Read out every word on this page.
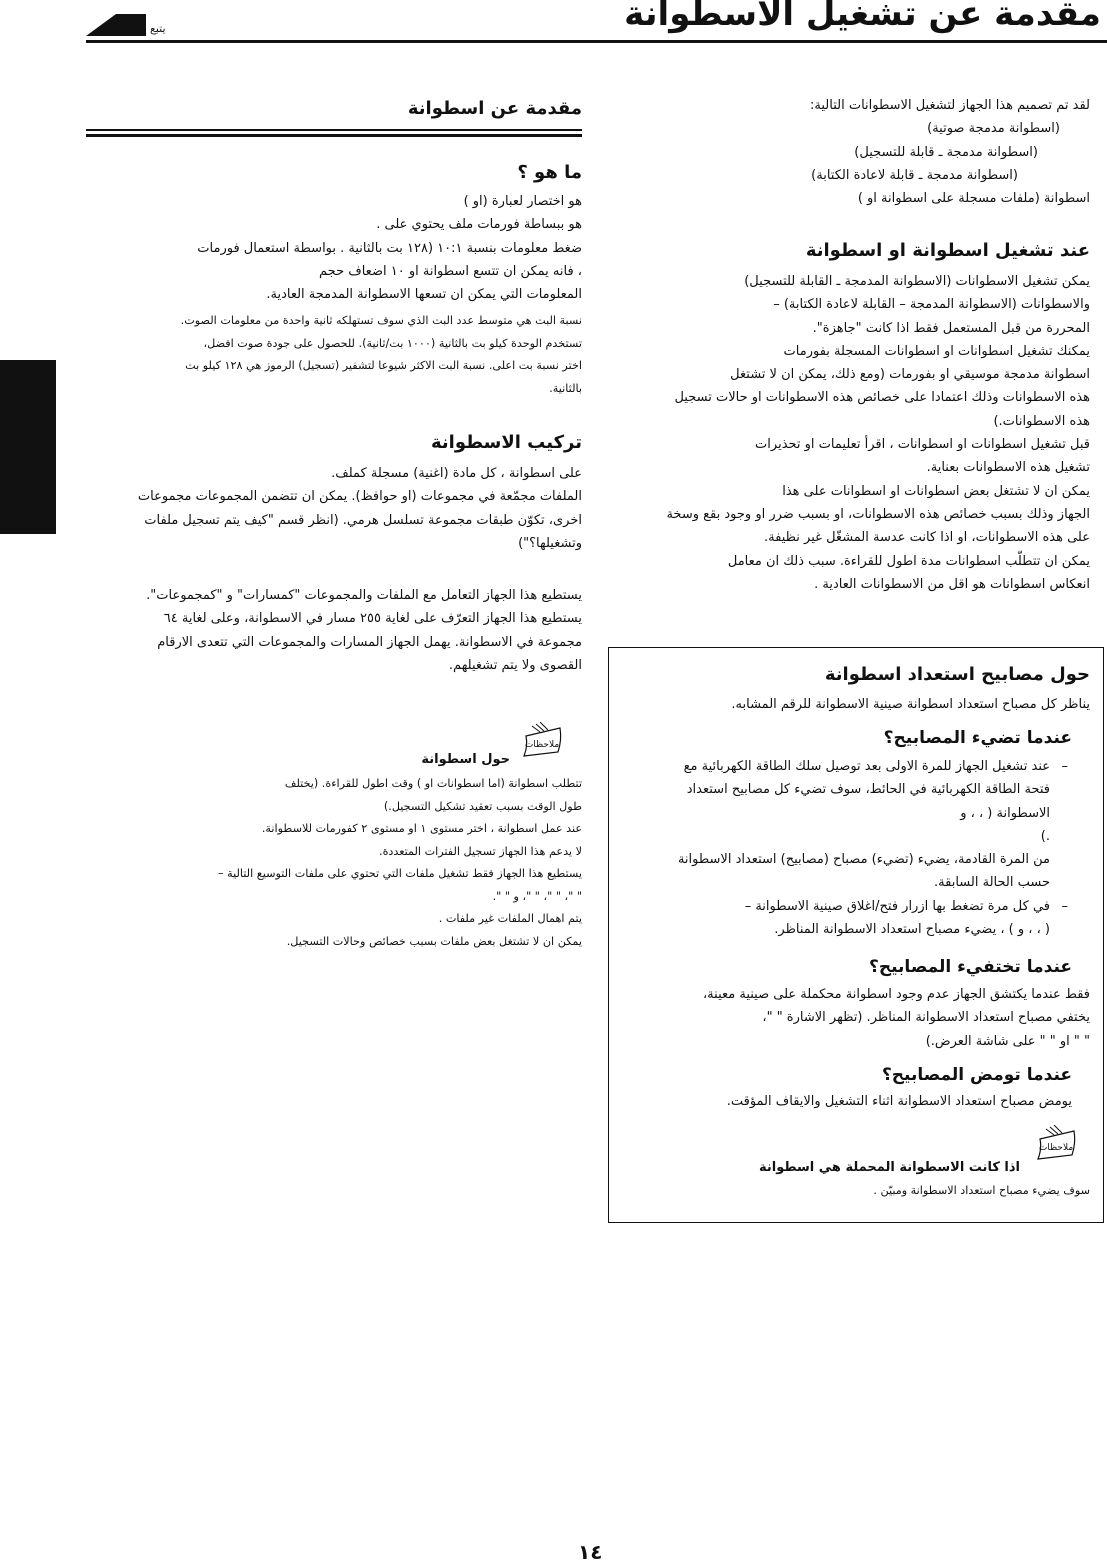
مقدمة عن تشغيل الاسطوانة
يتبع
لقد تم تصميم هذا الجهاز لتشغيل الاسطوانات التالية:
(اسطوانة مدمجة صوتية)
(اسطوانة مدمجة ـ قابلة للتسجيل)
(اسطوانة مدمجة ـ قابلة لاعادة الكتابة)
اسطوانة (ملفات مسجلة على اسطوانة او )
عند تشغيل اسطوانة او اسطوانة
يمكن تشغيل الاسطوانات (الاسطوانة المدمجة ـ القابلة للتسجيل)
والاسطوانات (الاسطوانة المدمجة – القابلة لاعادة الكتابة) –
المحررة من قبل المستعمل فقط اذا كانت "جاهزة".
يمكنك تشغيل اسطوانات او اسطوانات المسجلة بفورمات
اسطوانة مدمجة موسيقي او بفورمات (ومع ذلك، يمكن ان لا تشتغل
هذه الاسطوانات وذلك اعتمادا على خصائص هذه الاسطوانات او حالات تسجيل
هذه الاسطوانات.)
قبل تشغيل اسطوانات او اسطوانات ، اقرأ تعليمات او تحذيرات
تشغيل هذه الاسطوانات بعناية.
يمكن ان لا تشتغل بعض اسطوانات او اسطوانات على هذا
الجهاز وذلك بسبب خصائص هذه الاسطوانات، او بسبب ضرر او وجود بقع وسخة
على هذه الاسطوانات، او اذا كانت عدسة المشغّل غير نظيفة.
يمكن ان تتطلّب اسطوانات مدة اطول للقراءة. سبب ذلك ان معامل
انعكاس اسطوانات هو اقل من الاسطوانات العادية .
حول مصابيح استعداد اسطوانة
يناظر كل مصباح استعداد اسطوانة صينية الاسطوانة للرقم المشابه.
عندما تضيء المصابيح؟
–
عند تشغيل الجهاز للمرة الاولى بعد توصيل سلك الطاقة الكهربائية مع
فتحة الطاقة الكهربائية في الحائط، سوف تضيء كل مصابيح استعداد
الاسطوانة ( ، ، و
.)
من المرة القادمة، يضيء (تضيء) مصباح (مصابيح) استعداد الاسطوانة
حسب الحالة السابقة.
–
في كل مرة تضغط بها ازرار فتح/اغلاق صينية الاسطوانة –
( ، ، و ) ، يضيء مصباح استعداد الاسطوانة المناظر.
عندما تختفيء المصابيح؟
فقط عندما يكتشق الجهاز عدم وجود اسطوانة محكملة على صينية معينة،
يختفي مصباح استعداد الاسطوانة المناظر. (تظهر الاشارة " "،
" " او " " على شاشة العرض.)
عندما تومض المصابيح؟
يومض مصباح استعداد الاسطوانة اثناء التشغيل والايقاف المؤقت.
ملاحظات
اذا كانت الاسطوانة المحملة هي اسطوانة
سوف يضيء مصباح استعداد الاسطوانة ومبيّن .
مقدمة عن اسطوانة
ما هو ؟
هو اختصار لعبارة (او )
هو ببساطة فورمات ملف يحتوي على .
ضغط معلومات بنسبة ١٠:١ (١٢٨ بت بالثانية . بواسطة استعمال فورمات
، فانه يمكن ان تتسع اسطوانة او ١٠ اضعاف حجم
المعلومات التي يمكن ان تسعها الاسطوانة المدمجة العادية.
نسبة البت هي متوسط عدد البت الذي سوف تستهلكه ثانية واحدة من معلومات الصوت.
تستخدم الوحدة كيلو بت بالثانية (١٠٠٠ بت/ثانية). للحصول على جودة صوت افضل،
اختر نسبة بت اعلى. نسبة البت الاكثر شيوعا لتشفير (تسجيل) الرموز هي ١٢٨ كيلو بت
بالثانية.
تركيب الاسطوانة
على اسطوانة ، كل مادة (اغنية) مسجلة كملف.
الملفات مجمّعة في مجموعات (او حوافظ). يمكن ان تتضمن المجموعات مجموعات
اخرى، تكوّن طبقات مجموعة تسلسل هرمي. (انظر قسم "كيف يتم تسجيل ملفات
وتشغيلها؟")
يستطيع هذا الجهاز التعامل مع الملفات والمجموعات "كمسارات" و "كمجموعات".
يستطيع هذا الجهاز التعرّف على لغاية ٢٥٥ مسار في الاسطوانة، وعلى لغاية ٦٤
مجموعة في الاسطوانة. يهمل الجهاز المسارات والمجموعات التي تتعدى الارقام
القصوى ولا يتم تشغيلهم.
ملاحظات
حول اسطوانة
تتطلب اسطوانة (اما اسطوانات او ) وقت اطول للقراءة. (يختلف
طول الوقت بسبب تعقيد تشكيل التسجيل.)
عند عمل اسطوانة ، اختر مستوى ١ او مستوى ٢ كفورمات للاسطوانة.
لا يدعم هذا الجهاز تسجيل الفترات المتعددة.
يستطيع هذا الجهاز فقط تشغيل ملفات التي تحتوي على ملفات التوسيع التالية –
" "، " "، " "، و " ".
يتم اهمال الملفات غير ملفات .
يمكن ان لا تشتغل بعض ملفات بسبب خصائص وحالات التسجيل.
١٤
